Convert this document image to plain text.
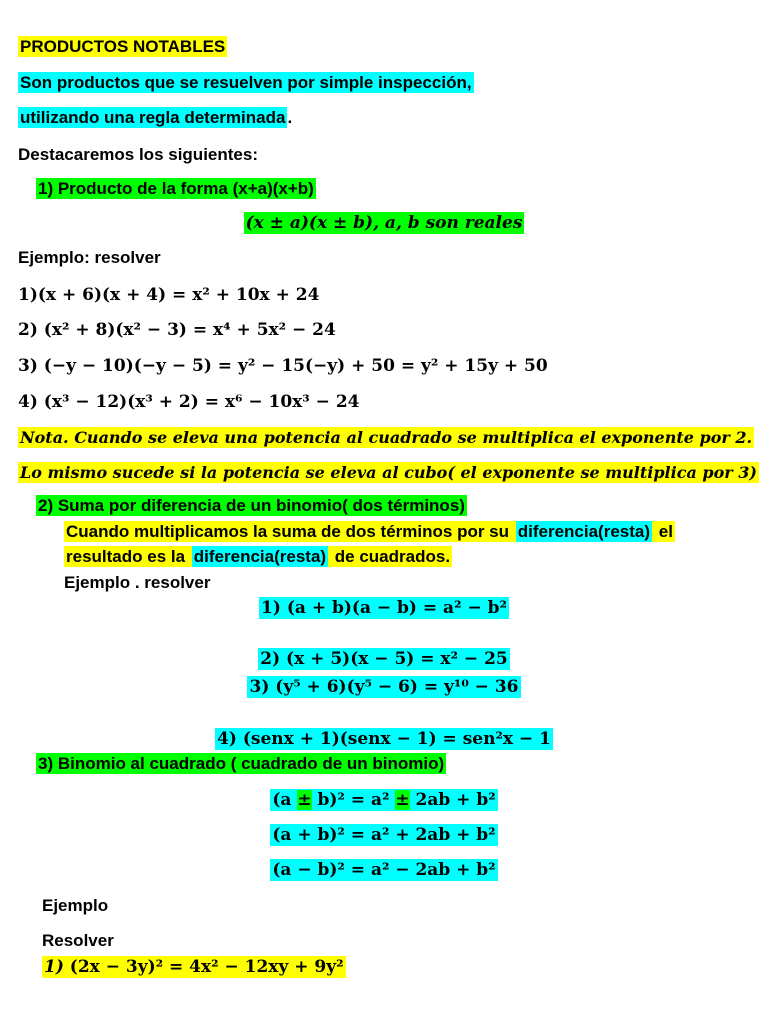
PRODUCTOS NOTABLES
Son productos que se resuelven por simple inspección,
utilizando una regla determinada .
Destacaremos los siguientes:
1) Producto de la forma (x+a)(x+b)
(x ± a)(x ± b), a, b son reales
Ejemplo: resolver
1)(x + 6)(x + 4) = x² + 10x + 24
2) (x² + 8)(x² − 3) = x⁴ + 5x² − 24
3) (−y − 10)(−y − 5) = y² − 15(−y) + 50 = y² + 15y + 50
4) (x³ − 12)(x³ + 2) = x⁶ − 10x³ − 24
Nota. Cuando se eleva una potencia al cuadrado se multiplica el exponente por 2.
Lo mismo sucede si la potencia se eleva al cubo( el exponente se multiplica por 3)
2) Suma por diferencia de un binomio( dos términos)
Cuando multiplicamos la suma de dos términos por su diferencia(resta) el
resultado es la diferencia(resta) de cuadrados.
Ejemplo . resolver
1) (a + b)(a − b) = a² − b²
2) (x + 5)(x − 5) = x² − 25
3) (y⁵ + 6)(y⁵ − 6) = y¹⁰ − 36
4) (senx + 1)(senx − 1) = sen²x − 1
3) Binomio al cuadrado ( cuadrado de un binomio)
(a ± b)² = a² ± 2ab + b²
(a + b)² = a² + 2ab + b²
(a − b)² = a² − 2ab + b²
Ejemplo
Resolver
1) (2x − 3y)² = 4x² − 12xy + 9y²
